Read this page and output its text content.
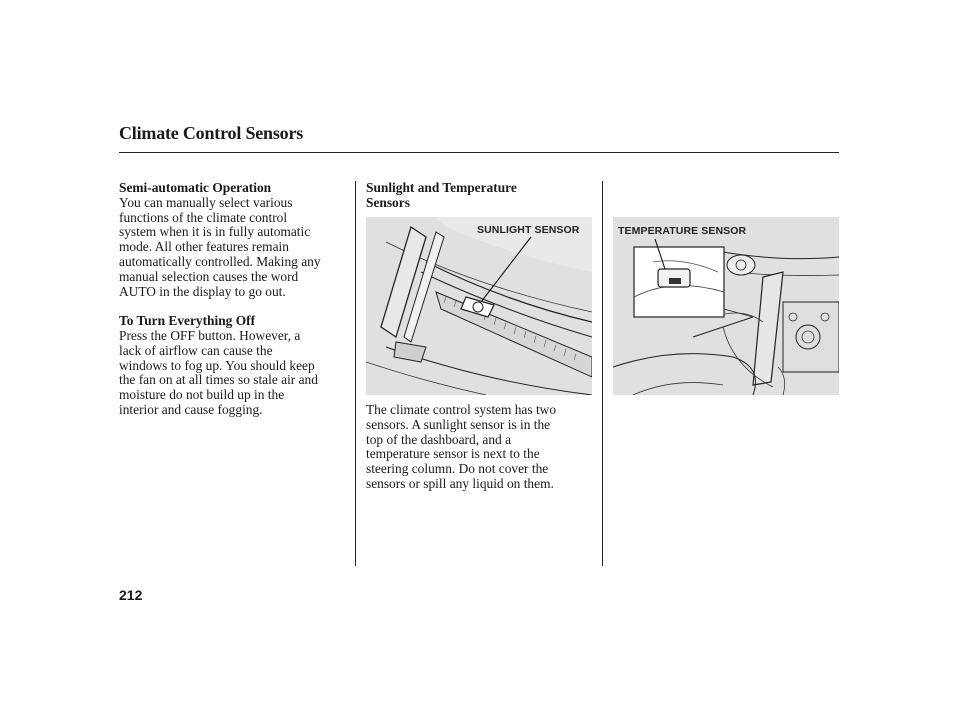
Climate Control Sensors

Semi-automatic Operation

You can manually select various

functions of the climate control

system when it is in fully automatic

mode. All other features remain

automatically controlled. Making any

manual selection causes the word

AUTO in the display to go out.

To Turn Everything Off

Press the OFF button. However, a

lack of airflow can cause the

windows to fog up. You should keep

the fan on at all times so stale air and

moisture do not build up in the

interior and cause fogging.

Sunlight and Temperature

Sensors

SUNLIGHT SENSOR

The climate control system has two

sensors. A sunlight sensor is in the

top of the dashboard, and a

temperature sensor is next to the

steering column. Do not cover the

sensors or spill any liquid on them.

TEMPERATURE SENSOR
212
